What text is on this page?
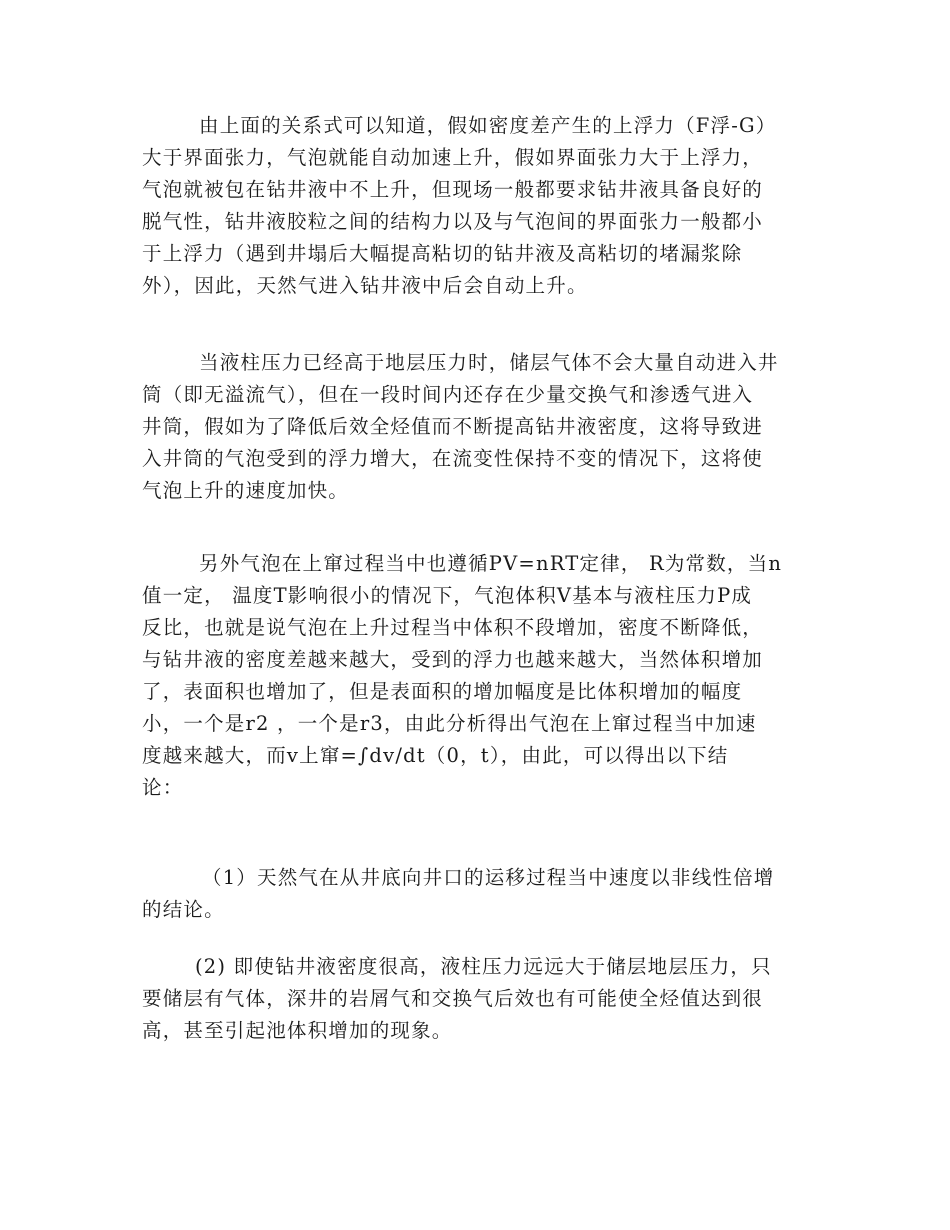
由上面的关系式可以知道，假如密度差产生的上浮力（F浮-G）
大于界面张力，气泡就能自动加速上升，假如界面张力大于上浮力，
气泡就被包在钻井液中不上升，但现场一般都要求钻井液具备良好的
脱气性，钻井液胶粒之间的结构力以及与气泡间的界面张力一般都小
于上浮力（遇到井塌后大幅提高粘切的钻井液及高粘切的堵漏浆除
外），因此，天然气进入钻井液中后会自动上升。
当液柱压力已经高于地层压力时，储层气体不会大量自动进入井
筒（即无溢流气），但在一段时间内还存在少量交换气和渗透气进入
井筒，假如为了降低后效全烃值而不断提高钻井液密度，这将导致进
入井筒的气泡受到的浮力增大，在流变性保持不变的情况下，这将使
气泡上升的速度加快。
另外气泡在上窜过程当中也遵循PV=nRT定律， R为常数，当n
值一定， 温度T影响很小的情况下，气泡体积V基本与液柱压力P成
反比，也就是说气泡在上升过程当中体积不段增加，密度不断降低，
与钻井液的密度差越来越大，受到的浮力也越来越大，当然体积增加
了，表面积也增加了，但是表面积的增加幅度是比体积增加的幅度
小，一个是r2 ，一个是r3，由此分析得出气泡在上窜过程当中加速
度越来越大，而v上窜=∫dv/dt（0，t），由此，可以得出以下结
论：
（1）天然气在从井底向井口的运移过程当中速度以非线性倍增
的结论。
(2) 即使钻井液密度很高，液柱压力远远大于储层地层压力，只
要储层有气体，深井的岩屑气和交换气后效也有可能使全烃值达到很
高，甚至引起池体积增加的现象。
